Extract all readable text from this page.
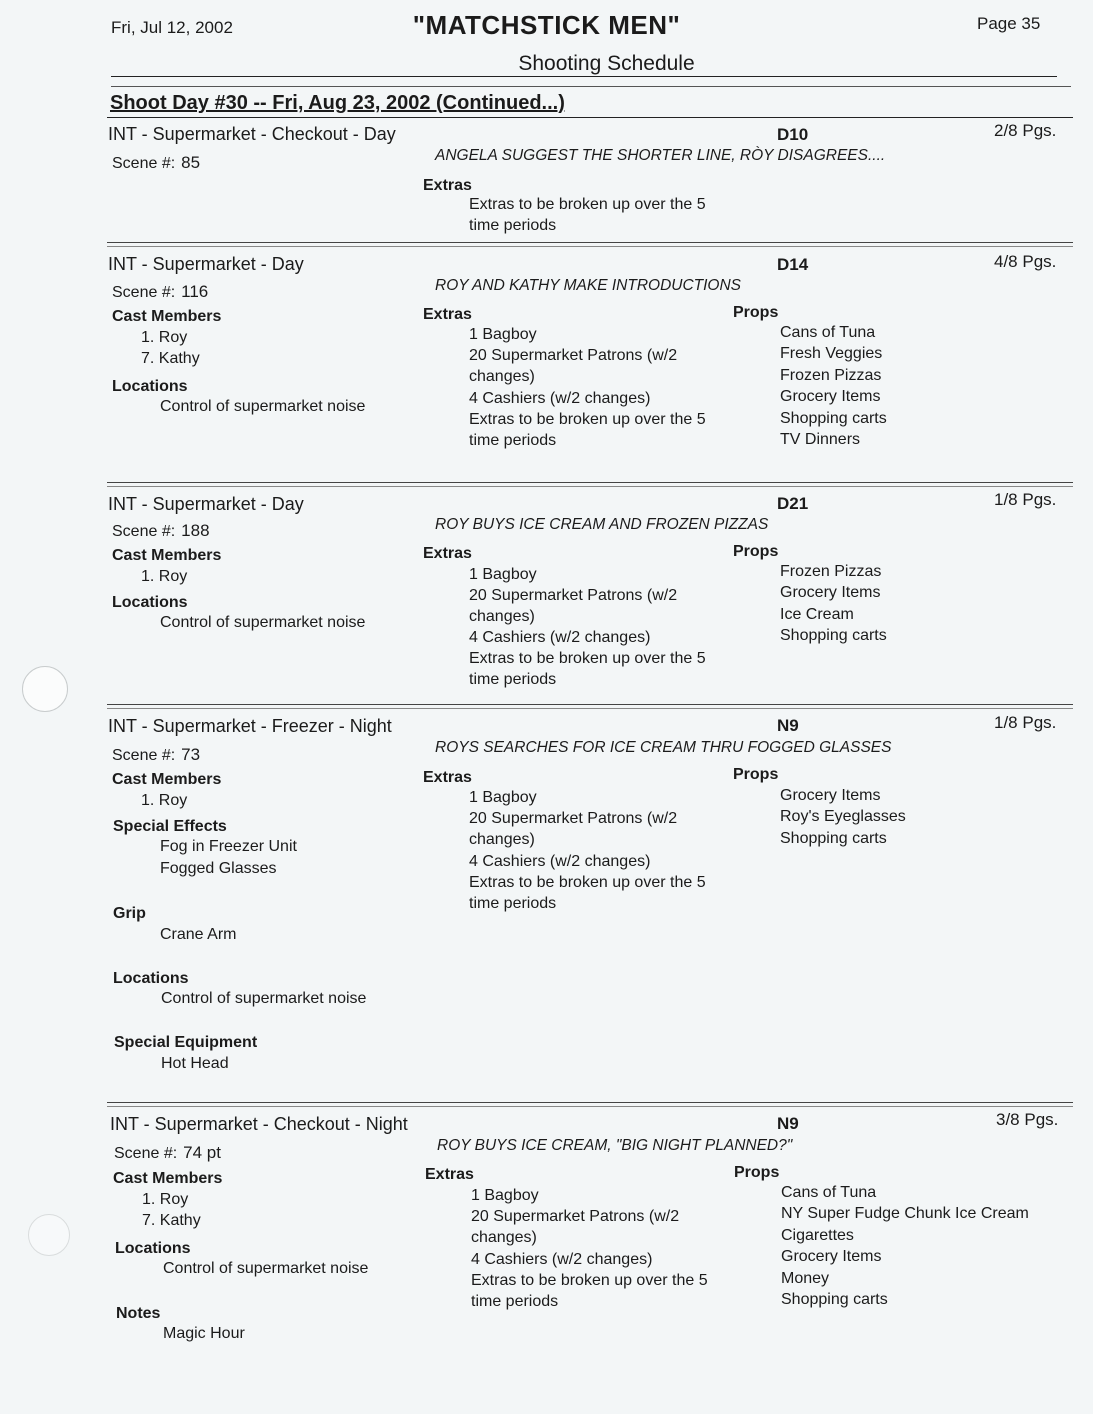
Fri, Jul 12, 2002	"MATCHSTICK MEN"	Page 35
Shooting Schedule
Shoot Day #30 -- Fri, Aug 23, 2002 (Continued...)
INT - Supermarket - Checkout - Day	D10	2/8 Pgs.
Scene #: 85	ANGELA SUGGEST THE SHORTER LINE, RÒY DISAGREES....
Extras
Extras to be broken up over the 5
time periods
INT - Supermarket - Day	D14	4/8 Pgs.
Scene #: 116	ROY AND KATHY MAKE INTRODUCTIONS
Cast Members
1. Roy
7. Kathy
Locations
Control of supermarket noise
Extras
1 Bagboy
20 Supermarket Patrons (w/2
changes)
4 Cashiers (w/2 changes)
Extras to be broken up over the 5
time periods
Props
Cans of Tuna
Fresh Veggies
Frozen Pizzas
Grocery Items
Shopping carts
TV Dinners
INT - Supermarket - Day	D21	1/8 Pgs.
Scene #: 188	ROY BUYS ICE CREAM AND FROZEN PIZZAS
Cast Members
1. Roy
Locations
Control of supermarket noise
Extras
1 Bagboy
20 Supermarket Patrons (w/2
changes)
4 Cashiers (w/2 changes)
Extras to be broken up over the 5
time periods
Props
Frozen Pizzas
Grocery Items
Ice Cream
Shopping carts
INT - Supermarket - Freezer - Night	N9	1/8 Pgs.
Scene #: 73	ROYS SEARCHES FOR ICE CREAM THRU FOGGED GLASSES
Cast Members
1. Roy
Special Effects
Fog in Freezer Unit
Fogged Glasses
Grip
Crane Arm
Locations
Control of supermarket noise
Special Equipment
Hot Head
Extras
1 Bagboy
20 Supermarket Patrons (w/2
changes)
4 Cashiers (w/2 changes)
Extras to be broken up over the 5
time periods
Props
Grocery Items
Roy's Eyeglasses
Shopping carts
INT - Supermarket - Checkout - Night	N9	3/8 Pgs.
Scene #: 74 pt	ROY BUYS ICE CREAM, "BIG NIGHT PLANNED?"
Cast Members
1. Roy
7. Kathy
Locations
Control of supermarket noise
Notes
Magic Hour
Extras
1 Bagboy
20 Supermarket Patrons (w/2
changes)
4 Cashiers (w/2 changes)
Extras to be broken up over the 5
time periods
Props
Cans of Tuna
NY Super Fudge Chunk Ice Cream
Cigarettes
Grocery Items
Money
Shopping carts
